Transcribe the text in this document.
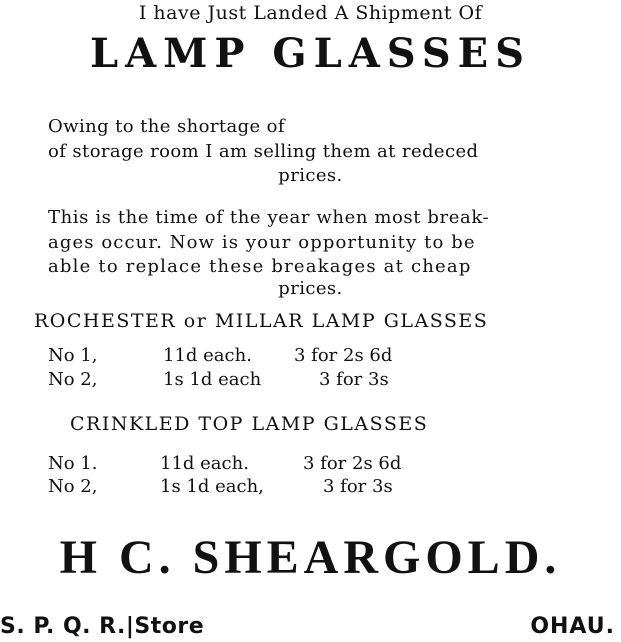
I have Just Landed A Shipment Of
LAMP GLASSES
Owing to the shortage of
of storage room I am selling them at redeced
prices.
This is the time of the year when most break-
ages occur. Now is your opportunity to be
able to replace these breakages at cheap
prices.
ROCHESTER or MILLAR LAMP GLASSES
No 1,	11d each. 3 for 2s 6d
No 2,	1s 1d each	3 for 3s
CRINKLED TOP LAMP GLASSES
No 1.	11d each.	3 for 2s 6d
No 2,	1s 1d each,	3 for 3s
H C. SHEARGOLD.
S. P. Q. R.|Store	OHAU.
